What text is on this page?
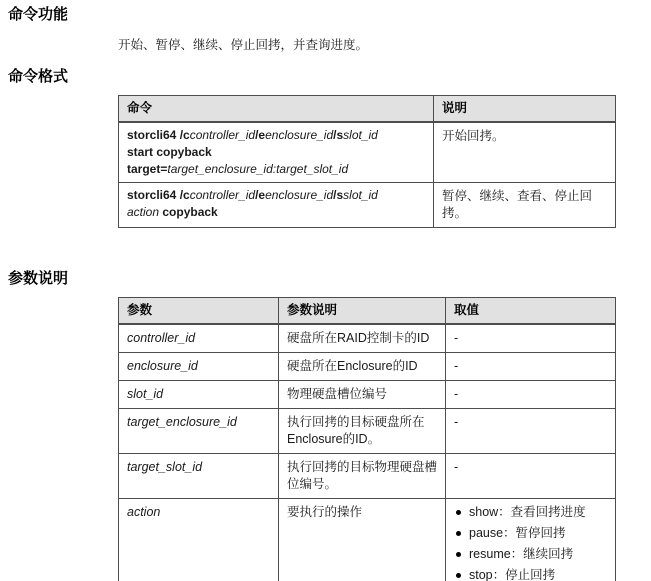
命令功能

开始、暂停、继续、停止回拷，并查询进度。

命令格式
命令	说明

storcli64 /ccontroller_id/eenclosure_id/sslot_id
start copyback
target=target_enclosure_id:target_slot_id	开始回拷。

storcli64 /ccontroller_id/eenclosure_id/sslot_id
action copyback	暂停、继续、查看、停止回拷。
参数说明
参数	参数说明	取值
controller_id	硬盘所在RAID控制卡的ID	-
enclosure_id	硬盘所在Enclosure的ID	-
slot_id	物理硬盘槽位编号	-
target_enclosure_id	执行回拷的目标硬盘所在Enclosure的ID。	-
target_slot_id	执行回拷的目标物理硬盘槽位编号。	-
action	要执行的操作	show：查看回拷进度
pause：暂停回拷
resume：继续回拷
stop：停止回拷
